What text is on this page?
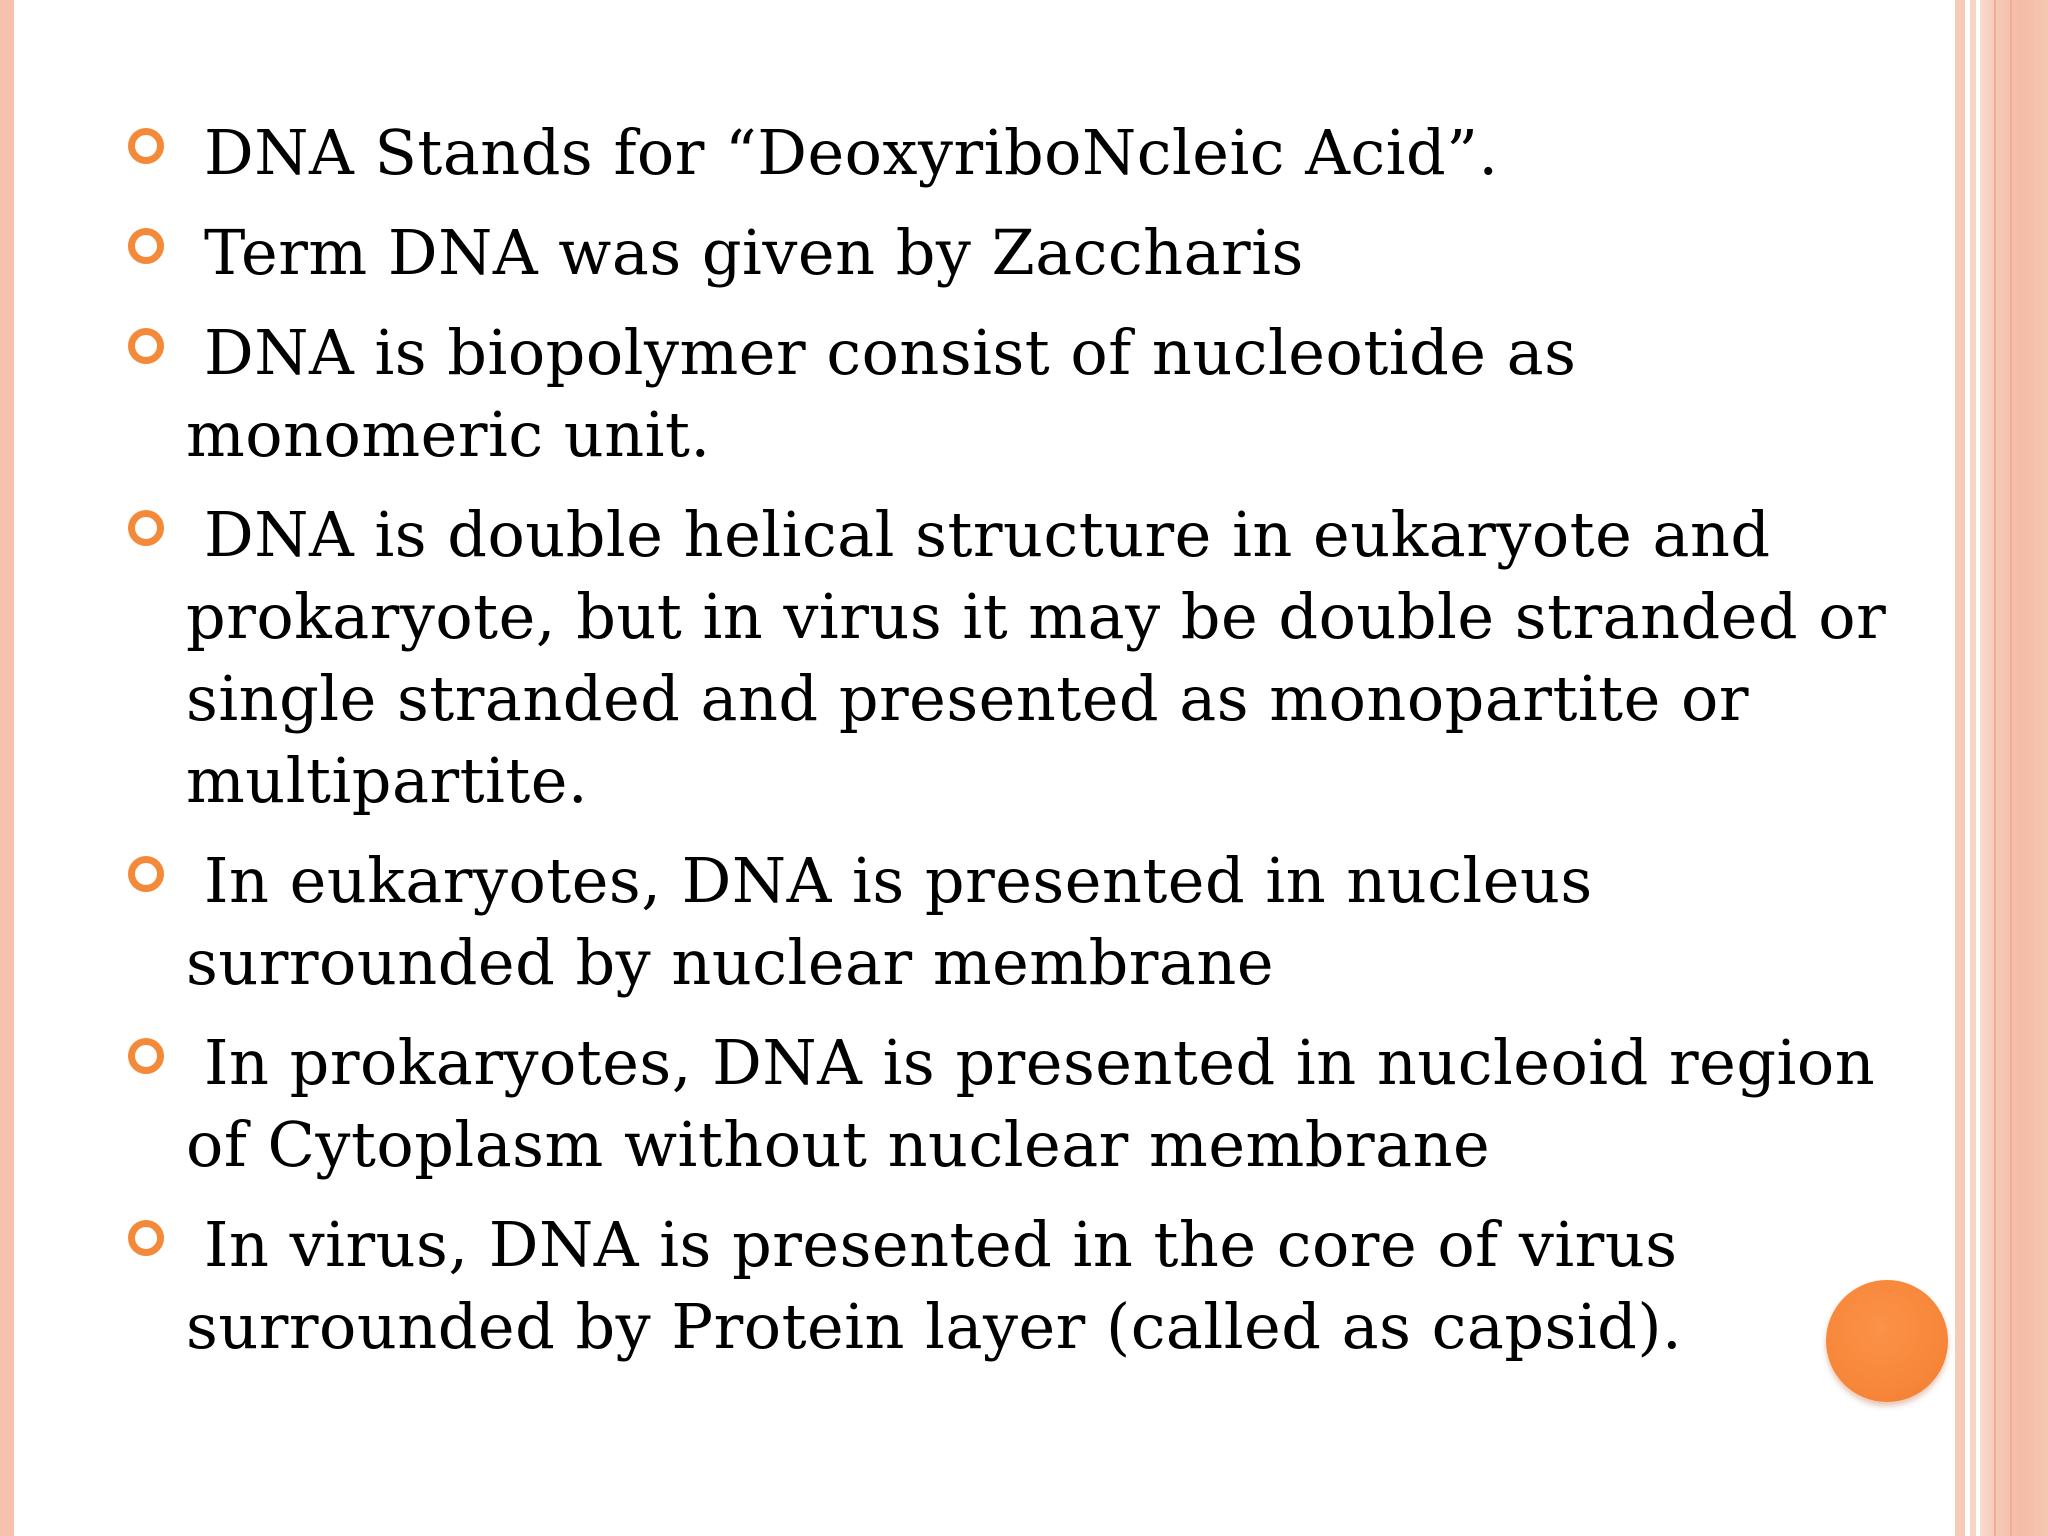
DNA Stands for “DeoxyriboNcleic Acid”.
Term DNA was given by Zaccharis
DNA is biopolymer consist of nucleotide as monomeric unit.
DNA is double helical structure in eukaryote and prokaryote, but in virus it may be double stranded or single stranded and presented as monopartite or multipartite.
In eukaryotes, DNA is presented in nucleus surrounded by nuclear membrane
In prokaryotes, DNA is presented in nucleoid region of Cytoplasm without nuclear membrane
In virus, DNA is presented in the core of virus surrounded by Protein layer (called as capsid).
